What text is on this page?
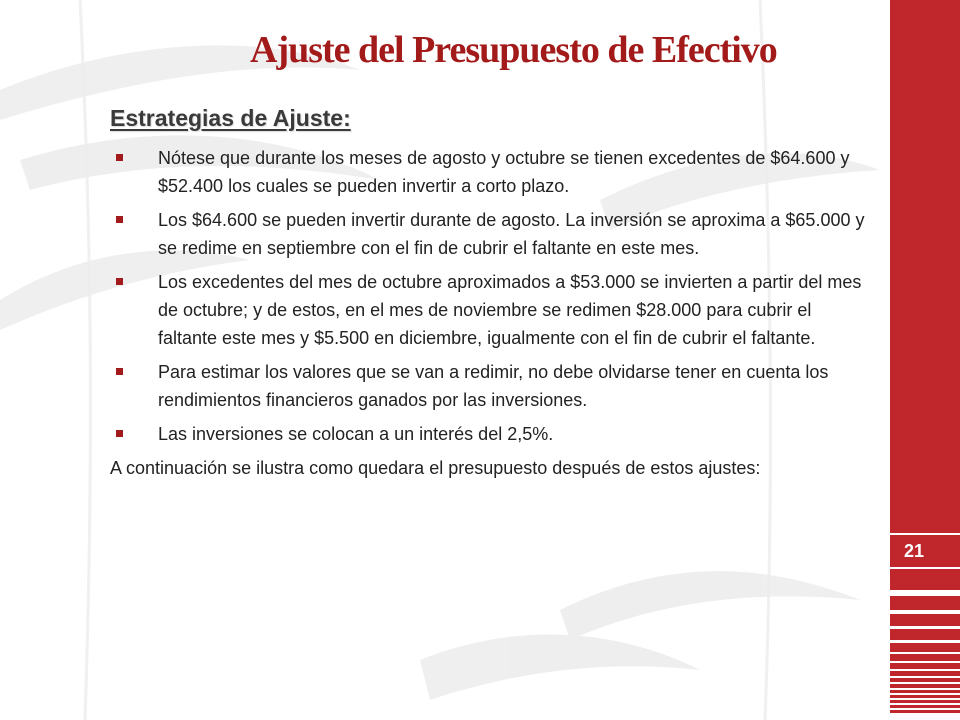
Ajuste del Presupuesto de Efectivo
Estrategias de Ajuste:
Nótese que durante los meses de agosto y octubre se tienen excedentes de $64.600 y $52.400 los cuales se pueden invertir a corto plazo.
Los $64.600 se pueden invertir durante de agosto. La inversión se aproxima a $65.000 y se redime en septiembre con el fin de cubrir el faltante en este mes.
Los excedentes del mes de octubre aproximados a $53.000 se invierten a partir del mes de octubre; y de estos, en el mes de noviembre se redimen $28.000 para cubrir el faltante este mes y $5.500 en diciembre, igualmente con el fin de cubrir el faltante.
Para estimar los valores que se van a redimir, no debe olvidarse tener en cuenta los rendimientos financieros ganados por las inversiones.
Las inversiones se colocan a un interés del 2,5%.
A continuación se ilustra como quedara el presupuesto después de estos ajustes:
21
